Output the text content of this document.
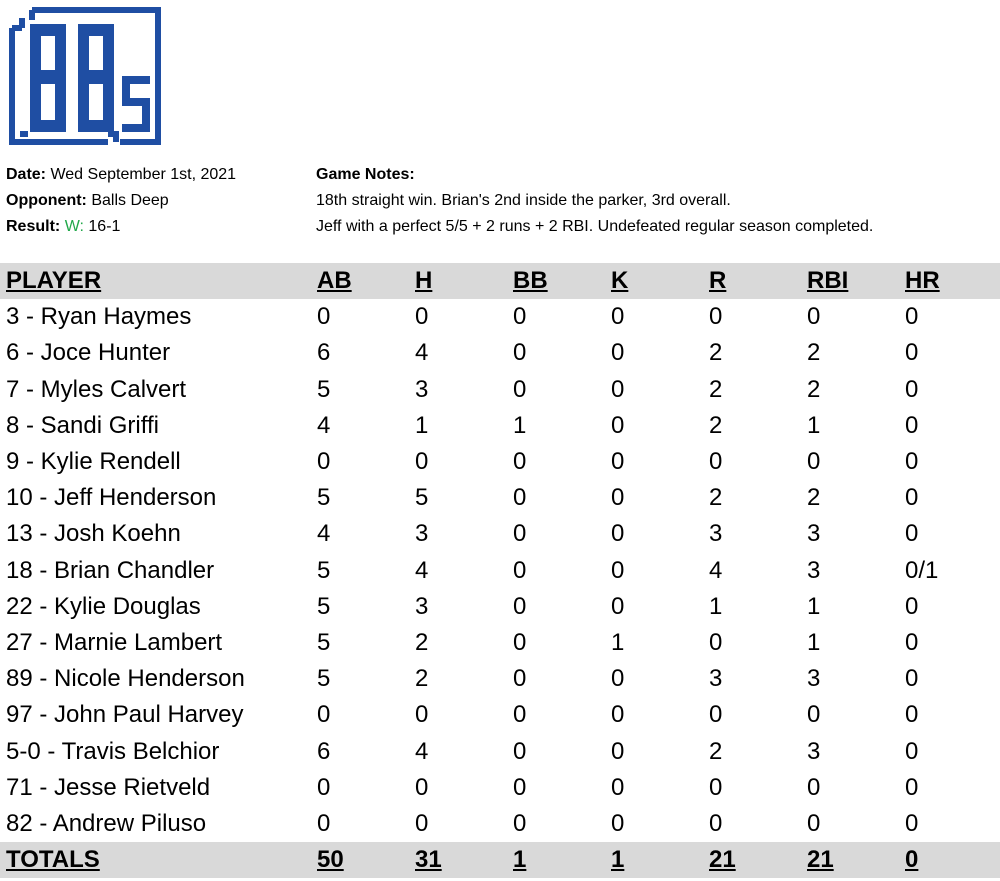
Date: Wed September 1st, 2021
Opponent: Balls Deep
Result: W: 16-1
Game Notes:
18th straight win. Brian's 2nd inside the parker, 3rd overall.
Jeff with a perfect 5/5 + 2 runs + 2 RBI. Undefeated regular season completed.
PLAYER	AB	H	BB	K	R	RBI	HR
3 - Ryan Haymes	0	0	0	0	0	0	0
6 - Joce Hunter	6	4	0	0	2	2	0
7 - Myles Calvert	5	3	0	0	2	2	0
8 - Sandi Griffi	4	1	1	0	2	1	0
9 - Kylie Rendell	0	0	0	0	0	0	0
10 - Jeff Henderson	5	5	0	0	2	2	0
13 - Josh Koehn	4	3	0	0	3	3	0
18 - Brian Chandler	5	4	0	0	4	3	0/1
22 - Kylie Douglas	5	3	0	0	1	1	0
27 - Marnie Lambert	5	2	0	1	0	1	0
89 - Nicole Henderson	5	2	0	0	3	3	0
97 - John Paul Harvey	0	0	0	0	0	0	0
5-0 - Travis Belchior	6	4	0	0	2	3	0
71 - Jesse Rietveld	0	0	0	0	0	0	0
82 - Andrew Piluso	0	0	0	0	0	0	0
TOTALS	50	31	1	1	21	21	0
